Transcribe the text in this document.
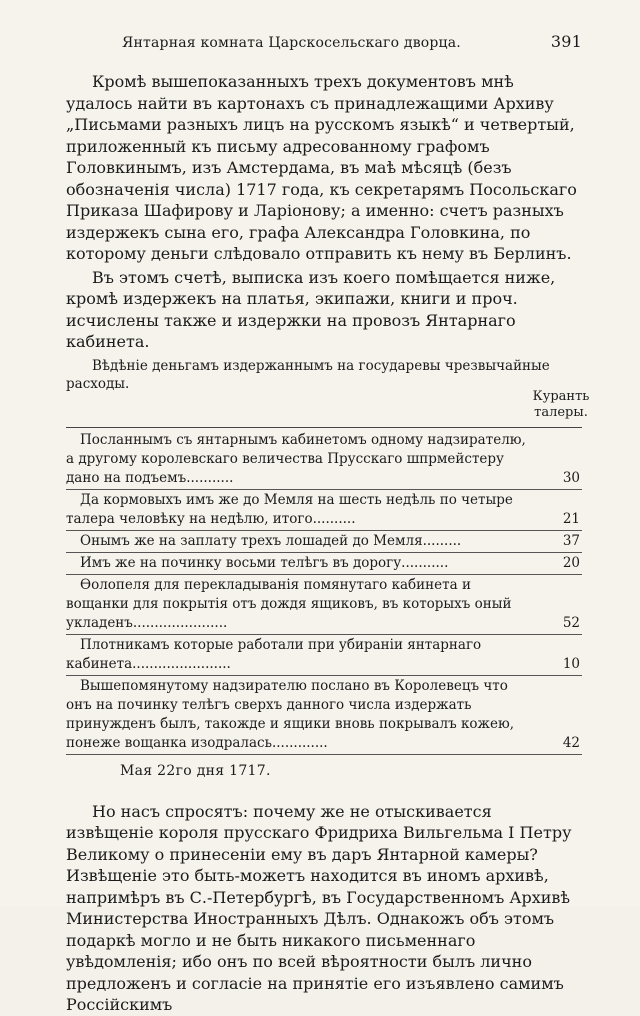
Янтарная комната Царскосельскаго дворца.	391

Кромѣ вышепоказанныхъ трехъ документовъ мнѣ удалось найти въ картонахъ съ принадлежащими Архиву „Письмами разныхъ лицъ на русскомъ языкѣ“ и четвертый, приложенный къ письму адресованному графомъ Головкинымъ, изъ Амстердама, въ маѣ мѣсяцѣ (безъ обозначенія числа) 1717 года, къ секретарямъ Посольскаго Приказа Шафирову и Ларіонову; а именно: счетъ разныхъ издержекъ сына его, графа Александра Головкина, по которому деньги слѣдовало отправить къ нему въ Берлинъ.

Въ этомъ счетѣ, выписка изъ коего помѣщается ниже, кромѣ издержекъ на платья, экипажи, книги и проч. исчислены также и издержки на провозъ Янтарнаго кабинета.

Вѣдѣніе деньгамъ издержаннымъ на государевы чрезвычайные расходы.

Куранть талеры.
Посланнымъ съ янтарнымъ кабинетомъ одному надзирателю, а другому королевскаго величества Прусскаго шпрмейстеру дано на подъемъ...........	30
Да кормовыхъ имъ же до Мемля на шесть недѣль по четыре талера человѣку на недѣлю, итого..........	21
Онымъ же на заплату трехъ лошадей до Мемля.........	37
Имъ же на починку восьми телѣгъ въ дорогу...........	20
Ѳолопеля для перекладыванія помянутаго кабинета и вощанки для покрытія отъ дождя ящиковъ, въ которыхъ оный укладенъ......................	52
Плотникамъ которые работали при убираніи янтарнаго кабинета.......................	10
Вышепомянутому надзирателю послано въ Королевецъ что онъ на починку телѣгъ сверхъ данного числа издержать принужденъ былъ, такожде и ящики вновь покрывалъ кожею, понеже вощанка изодралась.............	42
Мая 22го дня 1717.

Но насъ спросятъ: почему же не отыскивается извѣщеніе короля прусскаго Фридриха Вильгельма I Петру Великому о принесеніи ему въ даръ Янтарной камеры? Извѣщеніе это быть-можетъ находится въ иномъ архивѣ, напримѣръ въ С.-Петербургѣ, въ Государственномъ Архивѣ Министерства Иностранныхъ Дѣлъ. Однакожъ объ этомъ подаркѣ могло и не быть никакого письменнаго увѣдомленія; ибо онъ по всей вѣроятности былъ лично предложенъ и согласіе на принятіе его изъявлено самимъ Россійскимъ
